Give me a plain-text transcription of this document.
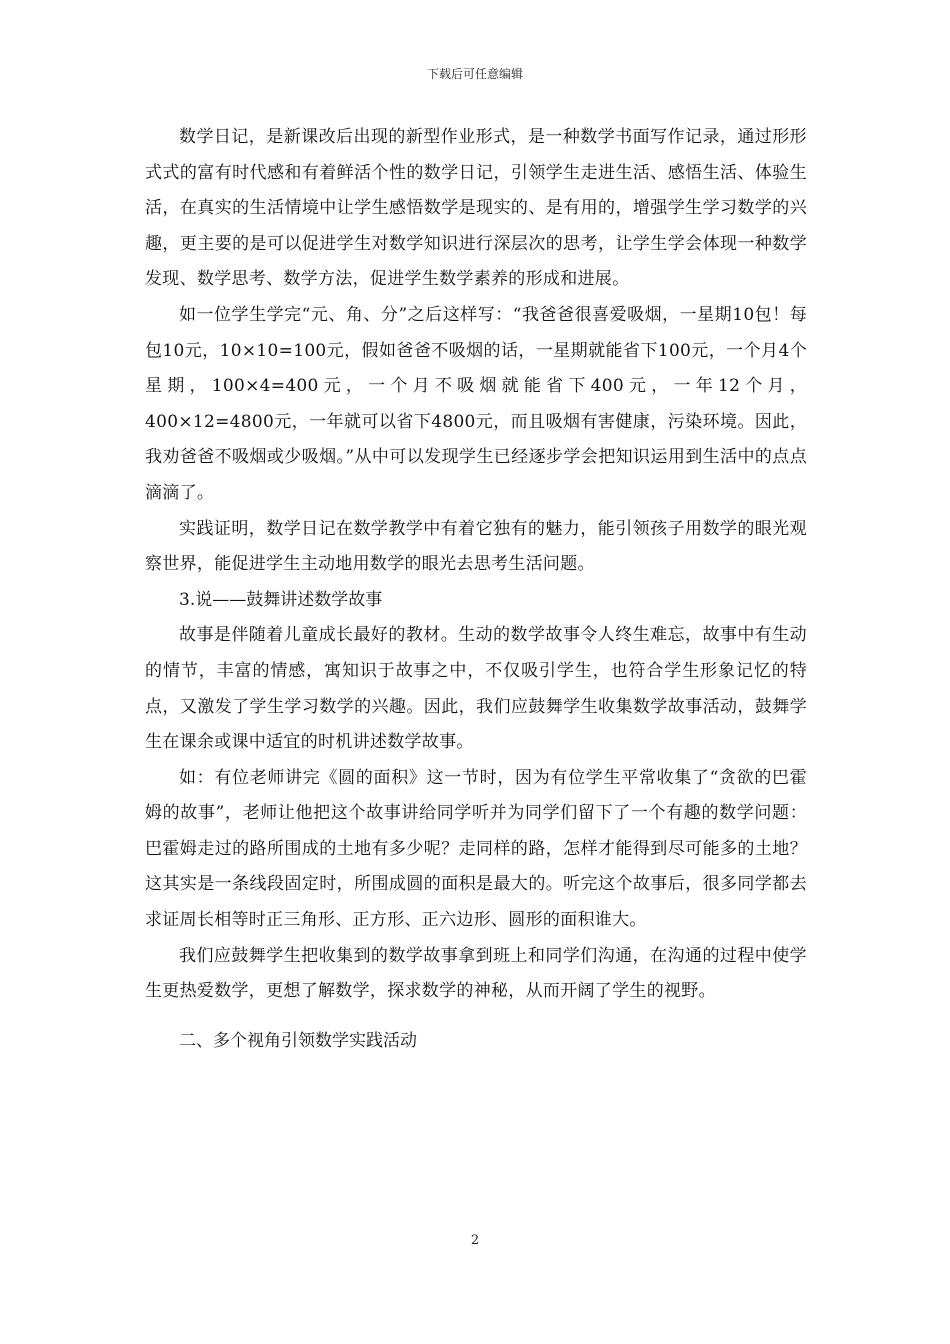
下载后可任意编辑

数学日记，是新课改后出现的新型作业形式，是一种数学书面写作记录，通过形形式式的富有时代感和有着鲜活个性的数学日记，引领学生走进生活、感悟生活、体验生活，在真实的生活情境中让学生感悟数学是现实的、是有用的，增强学生学习数学的兴趣，更主要的是可以促进学生对数学知识进行深层次的思考，让学生学会体现一种数学发现、数学思考、数学方法，促进学生数学素养的形成和进展。

如一位学生学完“元、角、分”之后这样写：“我爸爸很喜爱吸烟，一星期10包！每包10元，10×10=100元，假如爸爸不吸烟的话，一星期就能省下100元，一个月4个星期，100×4=400元，一个月不吸烟就能省下400元，一年12个月，400×12=4800元，一年就可以省下4800元，而且吸烟有害健康，污染环境。因此，我劝爸爸不吸烟或少吸烟。”从中可以发现学生已经逐步学会把知识运用到生活中的点点滴滴了。

实践证明，数学日记在数学教学中有着它独有的魅力，能引领孩子用数学的眼光观察世界，能促进学生主动地用数学的眼光去思考生活问题。

3.说——鼓舞讲述数学故事

故事是伴随着儿童成长最好的教材。生动的数学故事令人终生难忘，故事中有生动的情节，丰富的情感，寓知识于故事之中，不仅吸引学生，也符合学生形象记忆的特点，又激发了学生学习数学的兴趣。因此，我们应鼓舞学生收集数学故事活动，鼓舞学生在课余或课中适宜的时机讲述数学故事。

如：有位老师讲完《圆的面积》这一节时，因为有位学生平常收集了“贪欲的巴霍姆的故事”，老师让他把这个故事讲给同学听并为同学们留下了一个有趣的数学问题：巴霍姆走过的路所围成的土地有多少呢？走同样的路，怎样才能得到尽可能多的土地？这其实是一条线段固定时，所围成圆的面积是最大的。听完这个故事后，很多同学都去求证周长相等时正三角形、正方形、正六边形、圆形的面积谁大。

我们应鼓舞学生把收集到的数学故事拿到班上和同学们沟通，在沟通的过程中使学生更热爱数学，更想了解数学，探求数学的神秘，从而开阔了学生的视野。

二、多个视角引领数学实践活动

2
